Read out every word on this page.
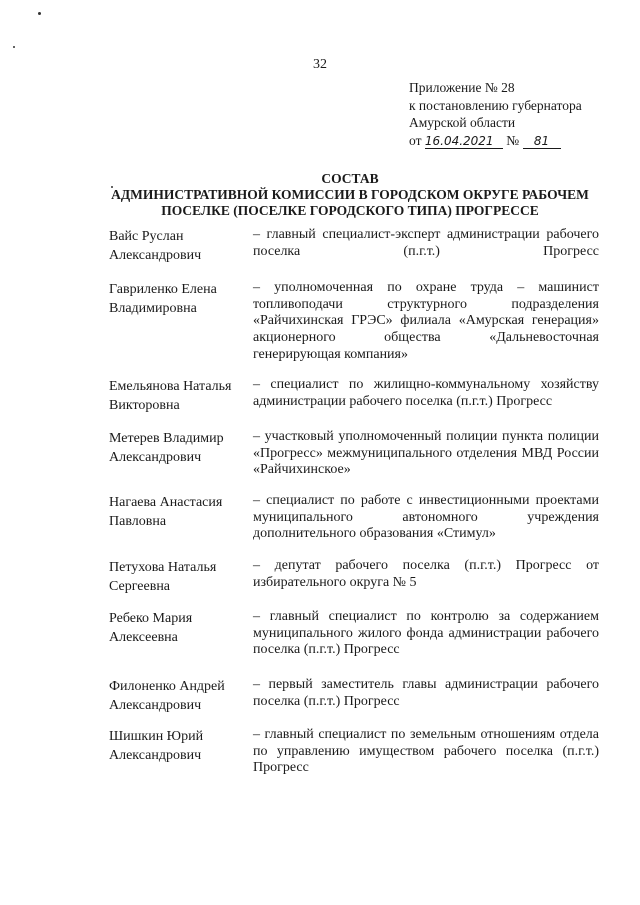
32
Приложение № 28
к постановлению губернатора
Амурской области
от 16.04.2021 № 81
СОСТАВ
АДМИНИСТРАТИВНОЙ КОМИССИИ В ГОРОДСКОМ ОКРУГЕ РАБОЧЕМ
ПОСЕЛКЕ (ПОСЕЛКЕ ГОРОДСКОГО ТИПА) ПРОГРЕССЕ
Вайс Руслан
Александрович
– главный специалист-эксперт администрации рабочего поселка (п.г.т.) Прогресс
Гавриленко Елена
Владимировна
– уполномоченная по охране труда – машинист топливоподачи структурного подразделения «Райчихинская ГРЭС» филиала «Амурская генерация» акционерного общества «Дальневосточная генерирующая компания»
Емельянова Наталья
Викторовна
– специалист по жилищно-коммунальному хозяйству администрации рабочего поселка (п.г.т.) Прогресс
Метерев Владимир
Александрович
– участковый уполномоченный полиции пункта полиции «Прогресс» межмуниципального отделения МВД России «Райчихинское»
Нагаева Анастасия
Павловна
– специалист по работе с инвестиционными проектами муниципального автономного учреждения дополнительного образования «Стимул»
Петухова Наталья
Сергеевна
– депутат рабочего поселка (п.г.т.) Прогресс от избирательного округа № 5
Ребеко Мария
Алексеевна
– главный специалист по контролю за содержанием муниципального жилого фонда администрации рабочего поселка (п.г.т.) Прогресс
Филоненко Андрей
Александрович
– первый заместитель главы администрации рабочего поселка (п.г.т.) Прогресс
Шишкин Юрий
Александрович
– главный специалист по земельным отношениям отдела по управлению имуществом рабочего поселка (п.г.т.) Прогресс
